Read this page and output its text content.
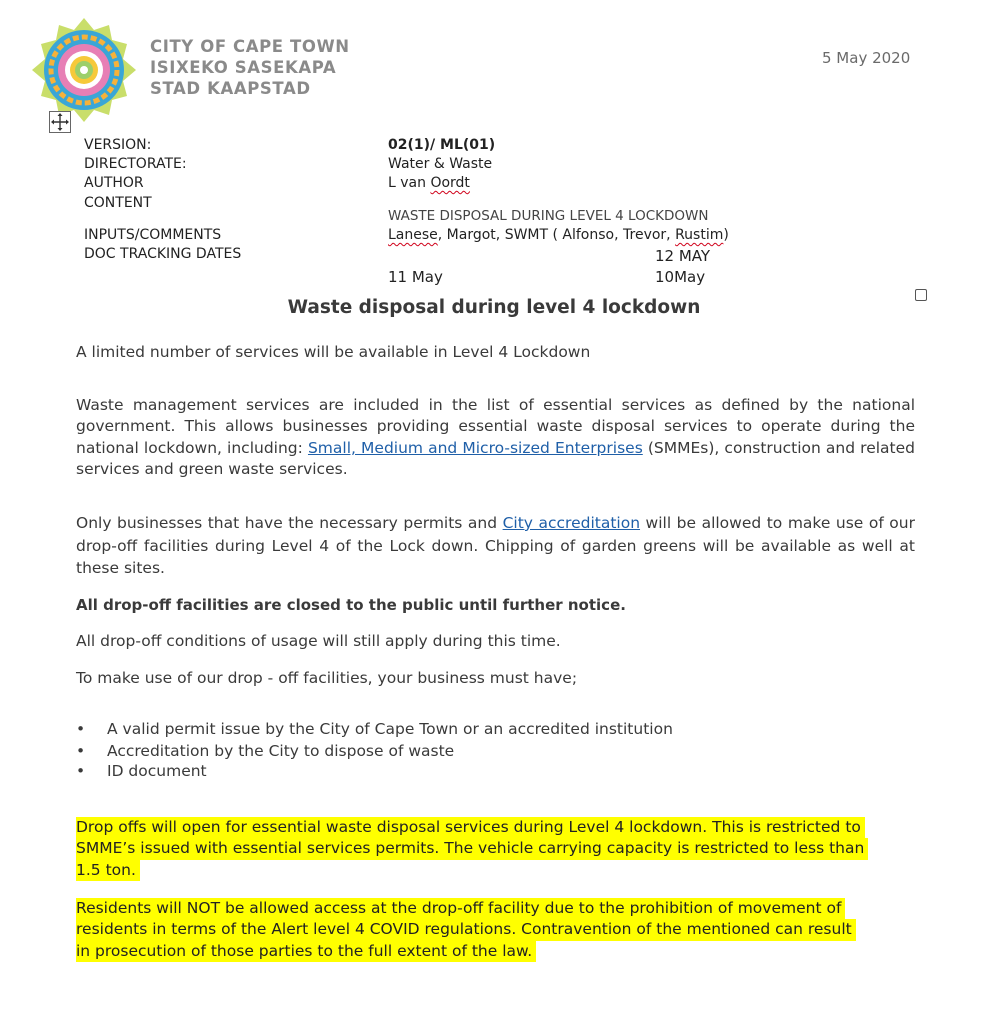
CITY OF CAPE TOWN
ISIXEKO SASEKAPA
STAD KAAPSTAD
5 May 2020
VERSION:	02(1)/ ML(01)
DIRECTORATE:	Water & Waste
AUTHOR	L van Oordt
CONTENT
WASTE DISPOSAL DURING LEVEL 4 LOCKDOWN
INPUTS/COMMENTS	Lanese, Margot, SWMT ( Alfonso, Trevor, Rustim)
DOC TRACKING DATES	12 MAY
11 May	10May
Waste disposal during level 4 lockdown
A limited number of services will be available in Level 4 Lockdown
Waste management services are included in the list of essential services as defined by the national government. This allows businesses providing essential waste disposal services to operate during the national lockdown, including: Small, Medium and Micro-sized Enterprises (SMMEs), construction and related services and green waste services.
Only businesses that have the necessary permits and City accreditation will be allowed to make use of our drop-off facilities during Level 4 of the Lock down. Chipping of garden greens will be available as well at these sites.
All drop-off facilities are closed to the public until further notice.
All drop-off conditions of usage will still apply during this time.
To make use of our drop - off facilities, your business must have;
• A valid permit issue by the City of Cape Town or an accredited institution
• Accreditation by the City to dispose of waste
• ID document
Drop offs will open for essential waste disposal services during Level 4 lockdown. This is restricted to
SMME’s issued with essential services permits. The vehicle carrying capacity is restricted to less than
1.5 ton.
Residents will NOT be allowed access at the drop-off facility due to the prohibition of movement of
residents in terms of the Alert level 4 COVID regulations. Contravention of the mentioned can result
in prosecution of those parties to the full extent of the law.
